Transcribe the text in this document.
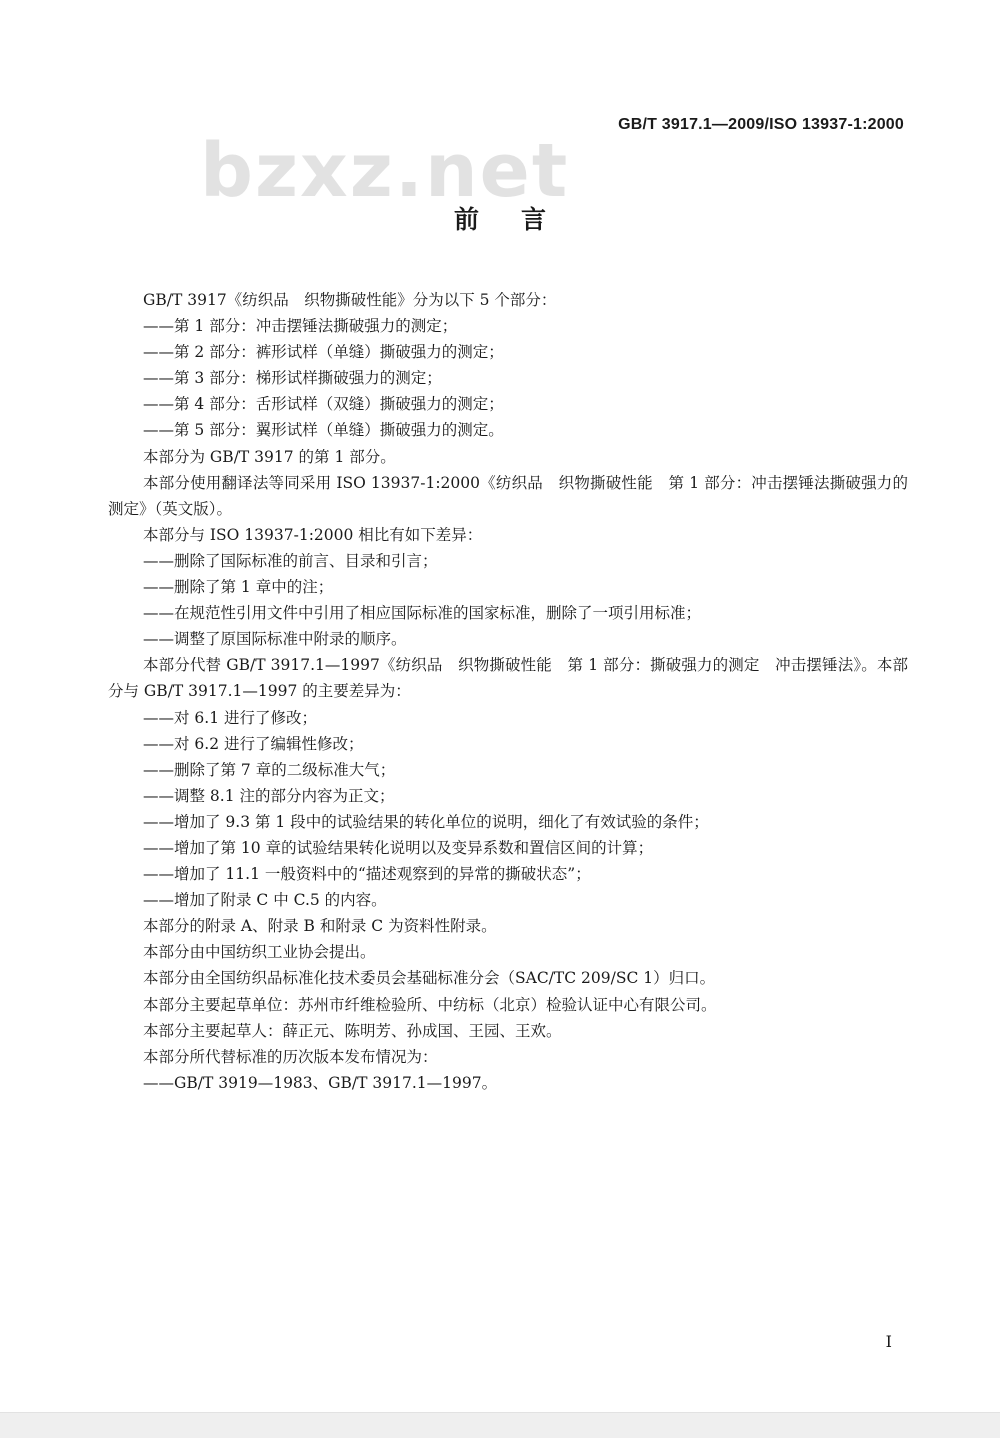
GB/T 3917.1—2009/ISO 13937-1:2000
bzxz.net
前言
GB/T 3917《纺织品　织物撕破性能》分为以下 5 个部分：
——第 1 部分：冲击摆锤法撕破强力的测定；
——第 2 部分：裤形试样（单缝）撕破强力的测定；
——第 3 部分：梯形试样撕破强力的测定；
——第 4 部分：舌形试样（双缝）撕破强力的测定；
——第 5 部分：翼形试样（单缝）撕破强力的测定。
本部分为 GB/T 3917 的第 1 部分。
本部分使用翻译法等同采用 ISO 13937-1:2000《纺织品　织物撕破性能　第 1 部分：冲击摆锤法撕破强力的测定》（英文版）。
本部分与 ISO 13937-1:2000 相比有如下差异：
——删除了国际标准的前言、目录和引言；
——删除了第 1 章中的注；
——在规范性引用文件中引用了相应国际标准的国家标准，删除了一项引用标准；
——调整了原国际标准中附录的顺序。
本部分代替 GB/T 3917.1—1997《纺织品　织物撕破性能　第 1 部分：撕破强力的测定　冲击摆锤法》。本部分与 GB/T 3917.1—1997 的主要差异为：
——对 6.1 进行了修改；
——对 6.2 进行了编辑性修改；
——删除了第 7 章的二级标准大气；
——调整 8.1 注的部分内容为正文；
——增加了 9.3 第 1 段中的试验结果的转化单位的说明，细化了有效试验的条件；
——增加了第 10 章的试验结果转化说明以及变异系数和置信区间的计算；
——增加了 11.1 一般资料中的“描述观察到的异常的撕破状态”；
——增加了附录 C 中 C.5 的内容。
本部分的附录 A、附录 B 和附录 C 为资料性附录。
本部分由中国纺织工业协会提出。
本部分由全国纺织品标准化技术委员会基础标准分会（SAC/TC 209/SC 1）归口。
本部分主要起草单位：苏州市纤维检验所、中纺标（北京）检验认证中心有限公司。
本部分主要起草人：薛正元、陈明芳、孙成国、王园、王欢。
本部分所代替标准的历次版本发布情况为：
——GB/T 3919—1983、GB/T 3917.1—1997。
I
